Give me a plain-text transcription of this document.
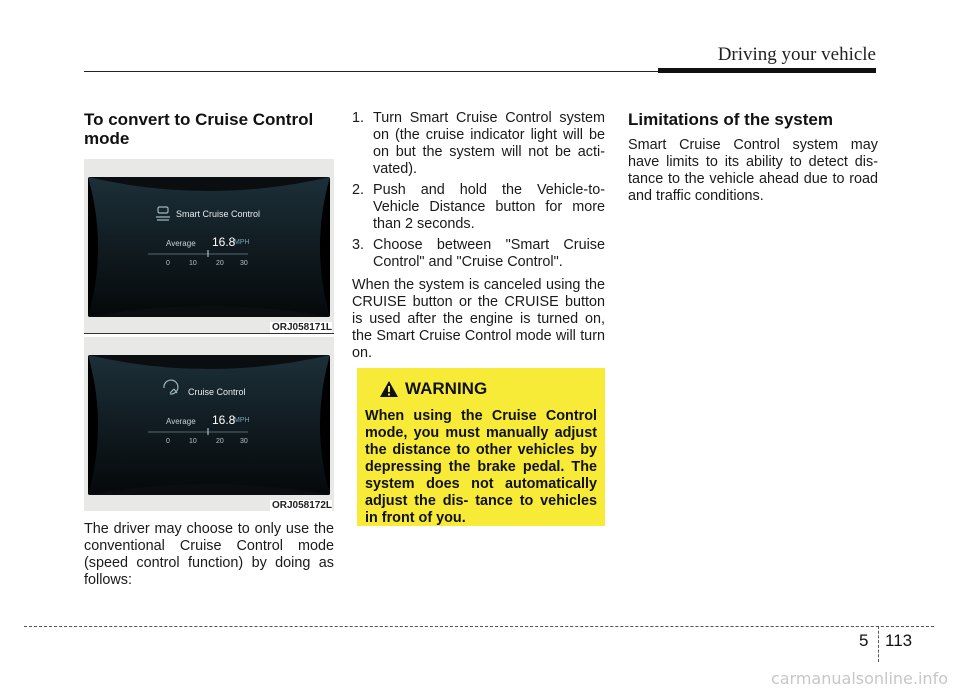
Driving your vehicle
To convert to Cruise Control mode
Smart Cruise Control
Average 16.8
MPH
0	10	20 30
ORJ058171L
Cruise Control
Average 16.8
MPH
0	10	20 30
ORJ058172L

The driver may choose to only use the conventional Cruise Control mode (speed control function) by doing as follows:

1. Turn Smart Cruise Control system on (the cruise indicator light will be on but the system will not be acti- vated).
2. Push and hold the Vehicle-to- Vehicle Distance button for more than 2 seconds.
3. Choose between "Smart Cruise Control" and "Cruise Control".

When the system is canceled using the CRUISE button or the CRUISE button is used after the engine is turned on, the Smart Cruise Control mode will turn on.

WARNING
When using the Cruise Control mode, you must manually adjust the distance to other vehicles by depressing the brake pedal. The system does not automatically adjust the dis- tance to vehicles in front of you.
Limitations of the system

Smart Cruise Control system may have limits to its ability to detect dis- tance to the vehicle ahead due to road and traffic conditions.

5 113
carmanualsonline.info
